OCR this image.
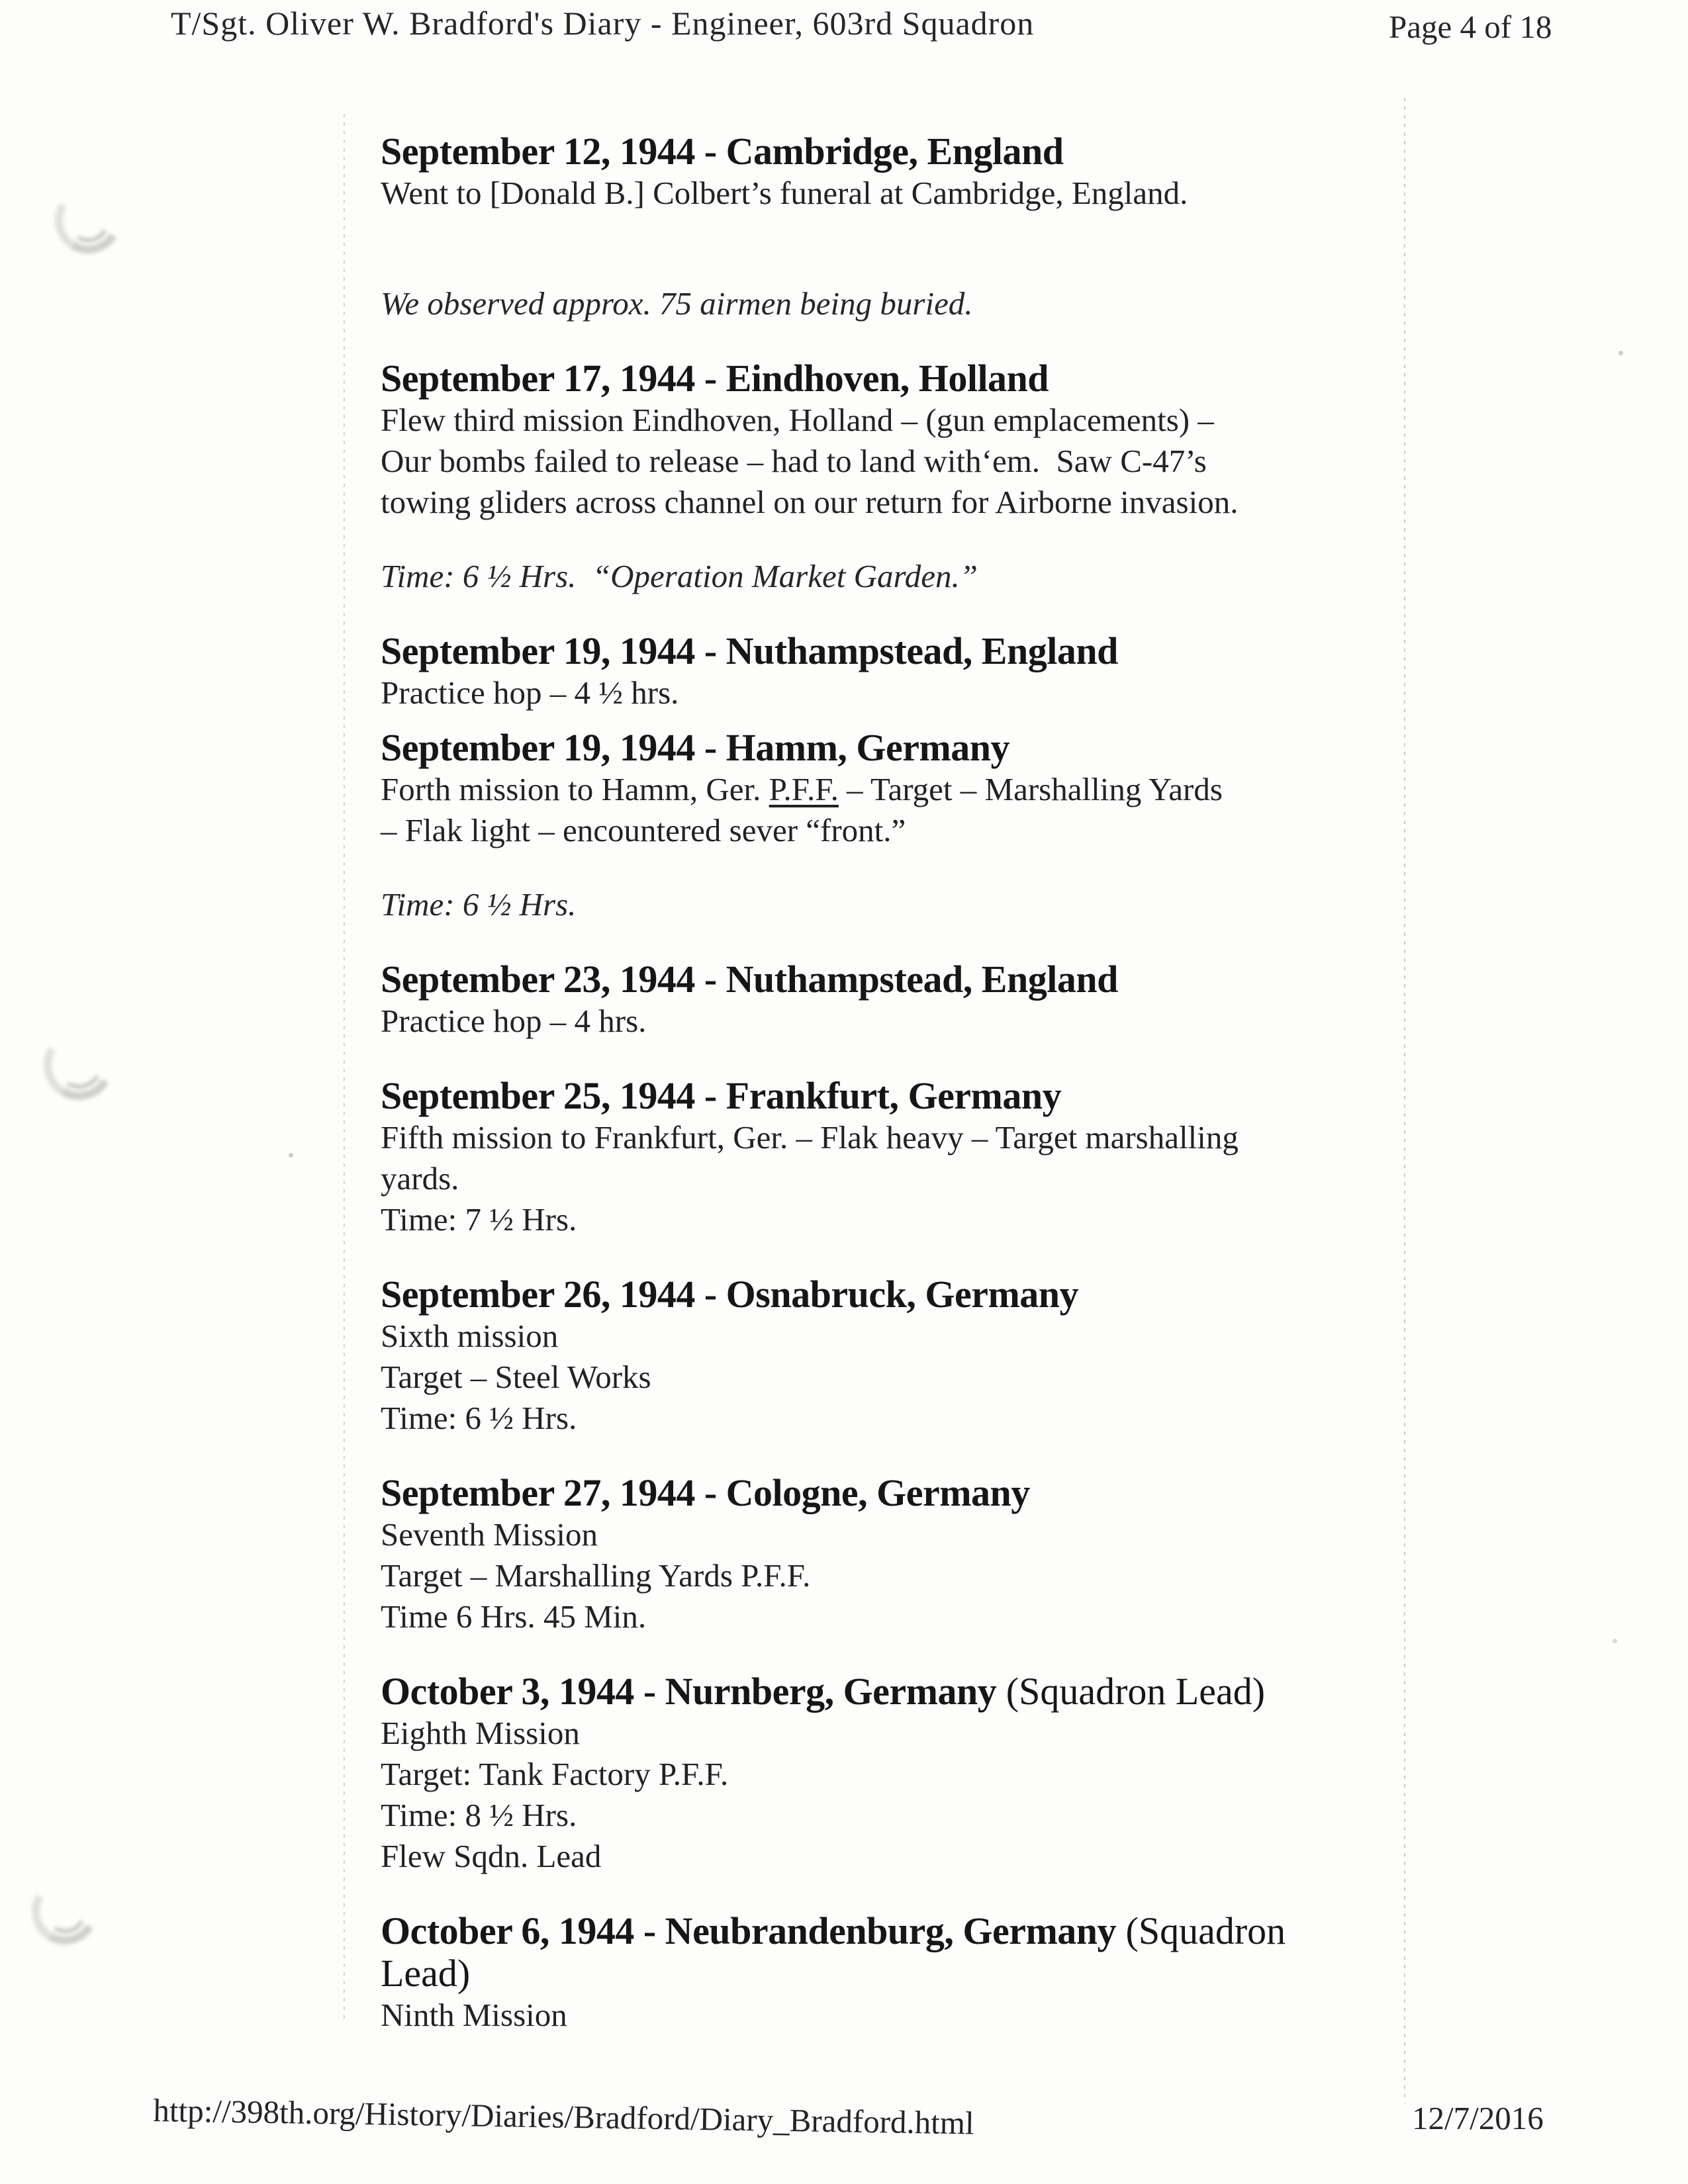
T/Sgt. Oliver W. Bradford's Diary - Engineer, 603rd Squadron	Page 4 of 18
September 12, 1944 - Cambridge, England
Went to [Donald B.] Colbert’s funeral at Cambridge, England.
We observed approx. 75 airmen being buried.
September 17, 1944 - Eindhoven, Holland
Flew third mission Eindhoven, Holland – (gun emplacements) –
Our bombs failed to release – had to land with‘em.  Saw C-47’s
towing gliders across channel on our return for Airborne invasion.
Time: 6 ½ Hrs.  “Operation Market Garden.”
September 19, 1944 - Nuthampstead, England
Practice hop – 4 ½ hrs.
September 19, 1944 - Hamm, Germany
Forth mission to Hamm, Ger. P.F.F. – Target – Marshalling Yards
– Flak light – encountered sever “front.”
Time: 6 ½ Hrs.
September 23, 1944 - Nuthampstead, England
Practice hop – 4 hrs.
September 25, 1944 - Frankfurt, Germany
Fifth mission to Frankfurt, Ger. – Flak heavy – Target marshalling
yards.
Time: 7 ½ Hrs.
September 26, 1944 - Osnabruck, Germany
Sixth mission
Target – Steel Works
Time: 6 ½ Hrs.
September 27, 1944 - Cologne, Germany
Seventh Mission
Target – Marshalling Yards P.F.F.
Time 6 Hrs. 45 Min.
October 3, 1944 - Nurnberg, Germany (Squadron Lead)
Eighth Mission
Target: Tank Factory P.F.F.
Time: 8 ½ Hrs.
Flew Sqdn. Lead
October 6, 1944 - Neubrandenburg, Germany (Squadron
Lead)
Ninth Mission
http://398th.org/History/Diaries/Bradford/Diary_Bradford.html	12/7/2016
